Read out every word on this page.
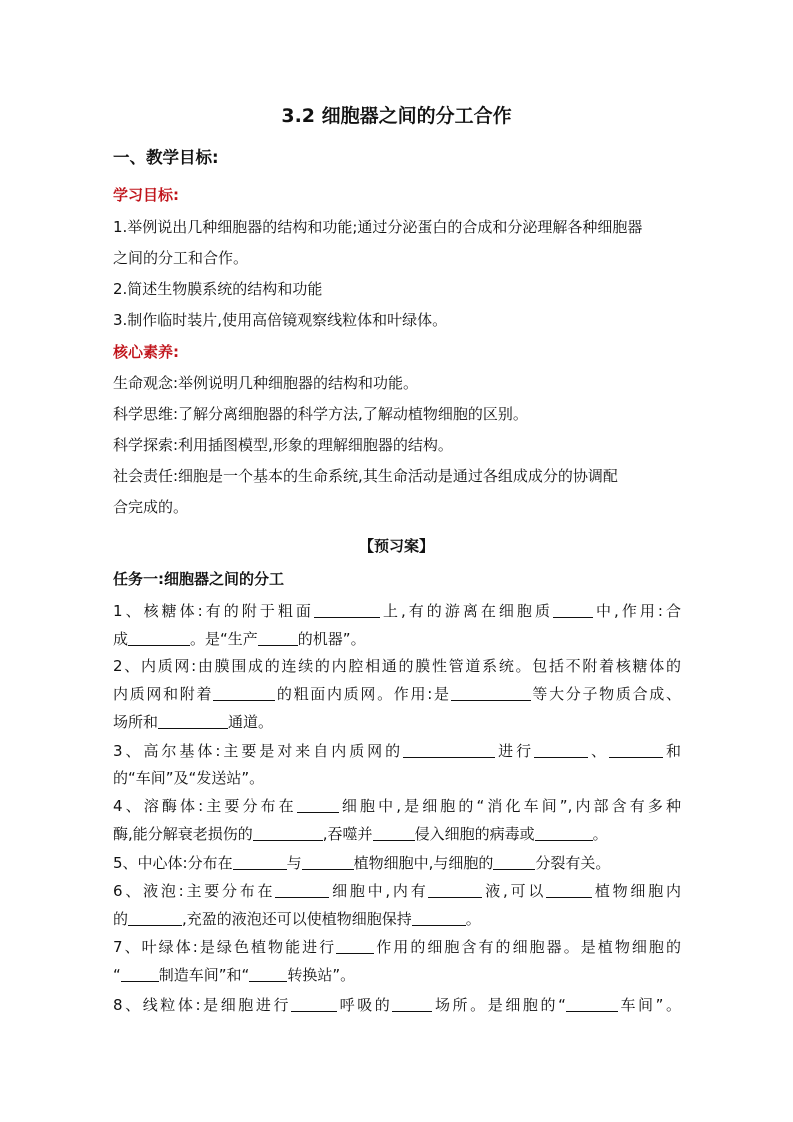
3.2 细胞器之间的分工合作
一、教学目标:
学习目标:
1.举例说出几种细胞器的结构和功能;通过分泌蛋白的合成和分泌理解各种细胞器
之间的分工和合作。
2.简述生物膜系统的结构和功能
3.制作临时装片,使用高倍镜观察线粒体和叶绿体。
核心素养:
生命观念:举例说明几种细胞器的结构和功能。
科学思维:了解分离细胞器的科学方法,了解动植物细胞的区别。
科学探索:利用插图模型,形象的理解细胞器的结构。
社会责任:细胞是一个基本的生命系统,其生命活动是通过各组成成分的协调配
合完成的。
【预习案】
任务一:细胞器之间的分工
1、核糖体:有的附于粗面	上,有的游离在细胞质	中,作用:合
成	。是“生产	的机器”。
2、内质网:由膜围成的连续的内腔相通的膜性管道系统。包括不附着核糖体的
内质网和附着	的粗面内质网。作用:是	等大分子物质合成、
场所和	通道。
3、高尔基体:主要是对来自内质网的	进行	、	和
的“车间”及“发送站”。
4、溶酶体:主要分布在	细胞中,是细胞的“消化车间”,内部含有多种
酶,能分解衰老损伤的	,吞噬并	侵入细胞的病毒或	。
5、中心体:分布在	与	植物细胞中,与细胞的	分裂有关。
6、液泡:主要分布在	细胞中,内有	液,可以	植物细胞内
的	,充盈的液泡还可以使植物细胞保持	。
7、叶绿体:是绿色植物能进行	作用的细胞含有的细胞器。是植物细胞的
“	制造车间”和“	转换站”。
8、线粒体:是细胞进行	呼吸的	场所。是细胞的“	车间”。
